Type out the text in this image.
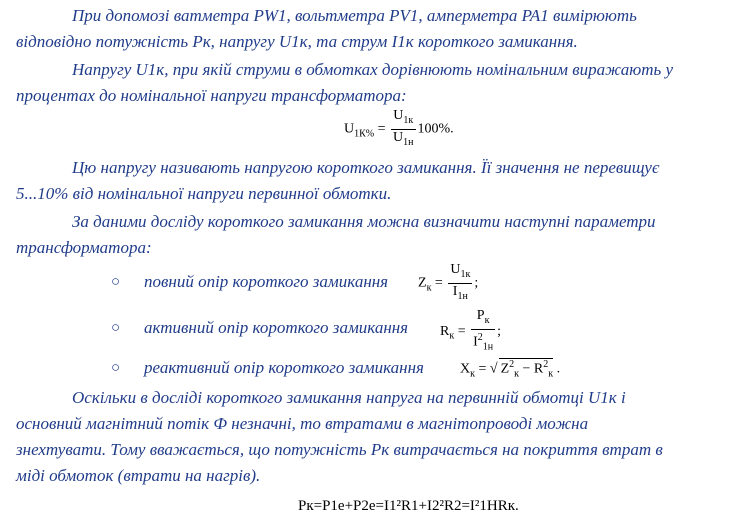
При допомозі ватметра PW1, вольтметра PV1, амперметра PA1 вимірюють
відповідно потужність Pк, напругу U1к, та струм I1к короткого замикання.
Напругу U1к, при якій струми в обмотках дорівнюють номінальним виражають у
процентах до номінальної напруги трансформатора:
$U_{1К\%} = \frac{U_{1к}}{U_{1н}} 100\%$.
Цю напругу називають напругою короткого замикання. Її значення не перевищує
5...10% від номінальної напруги первинної обмотки.
За даними досліду короткого замикання можна визначити наступні параметри
трансформатора:
○ повний опір короткого замикання $Z_к = \frac{U_{1к}}{I_{1н}}$ ;
○ активний опір короткого замикання $R_к = \frac{P_к}{I^2_{1н}}$ ;
○ реактивний опір короткого замикання	$X_к$ = √ $Z^2_к - R^2_к$ .
Оскільки в досліді короткого замикання напруга на первинній обмотці U1к і
основний магнітний потік Ф незначні, то втратами в магнітопроводі можна
знехтувати. Тому вважається, що потужність Pк витрачається на покриття втрат в
міді обмоток (втрати на нагрів).
Pк=P1е+P2е=I1²R1+I2²R2=I²1НRк.
